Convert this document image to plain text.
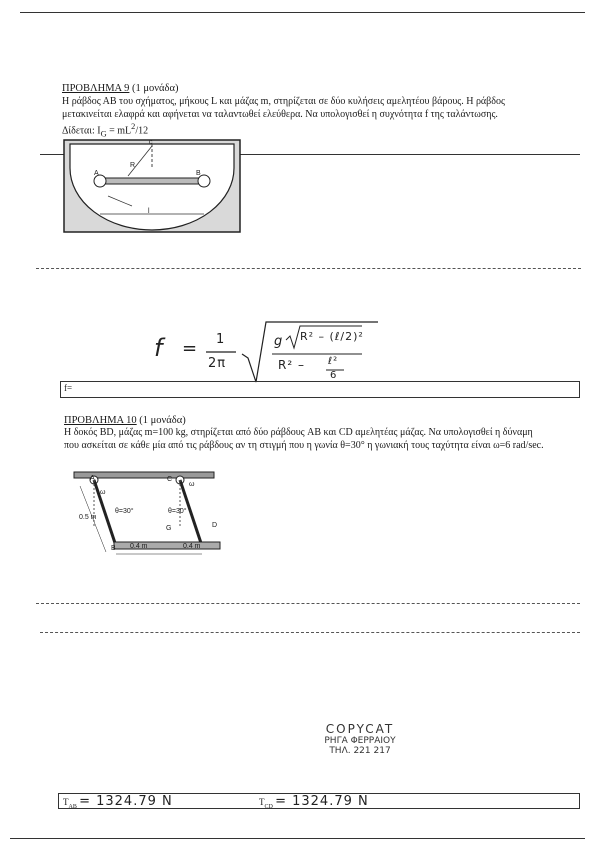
ΠΡΟΒΛΗΜΑ 9 (1 μονάδα)
Η ράβδος ΑΒ του σχήματος, μήκους L και μάζας m, στηρίζεται σε δύο κυλήσεις αμελητέου βάρους. Η ράβδος
μετακινείται ελαφρά και αφήνεται να ταλαντωθεί ελεύθερα. Να υπολογισθεί η συχνότητα f της ταλάντωσης.
Δίδεται: $I_G = mL^2/12$
A	B
R
l
c
f = 1
2π
g R² – (ℓ/2)²
R² – ℓ²
6
f=
ΠΡΟΒΛΗΜΑ 10 (1 μονάδα)
Η δοκός ΒD, μάζας m=100 kg, στηρίζεται από δύο ράβδους AB και CD αμελητέας μάζας. Να υπολογισθεί η δύναμη
που ασκείται σε κάθε μία από τις ράβδους αν τη στιγμή που η γωνία θ=30° η γωνιακή τους ταχύτητα είναι ω=6 rad/sec.
A
ω
C
ω
θ=30°	θ=30°
0.5 m
G	D
B 0.4 m	0.4 m
COPYCAT
ΡΗΓΑ ΦΕΡΡΑΙΟΥ
ΤΗΛ. 221 217
$T_{AB} = 1324.79$ N	$T_{CD} = 1324.79$ N
